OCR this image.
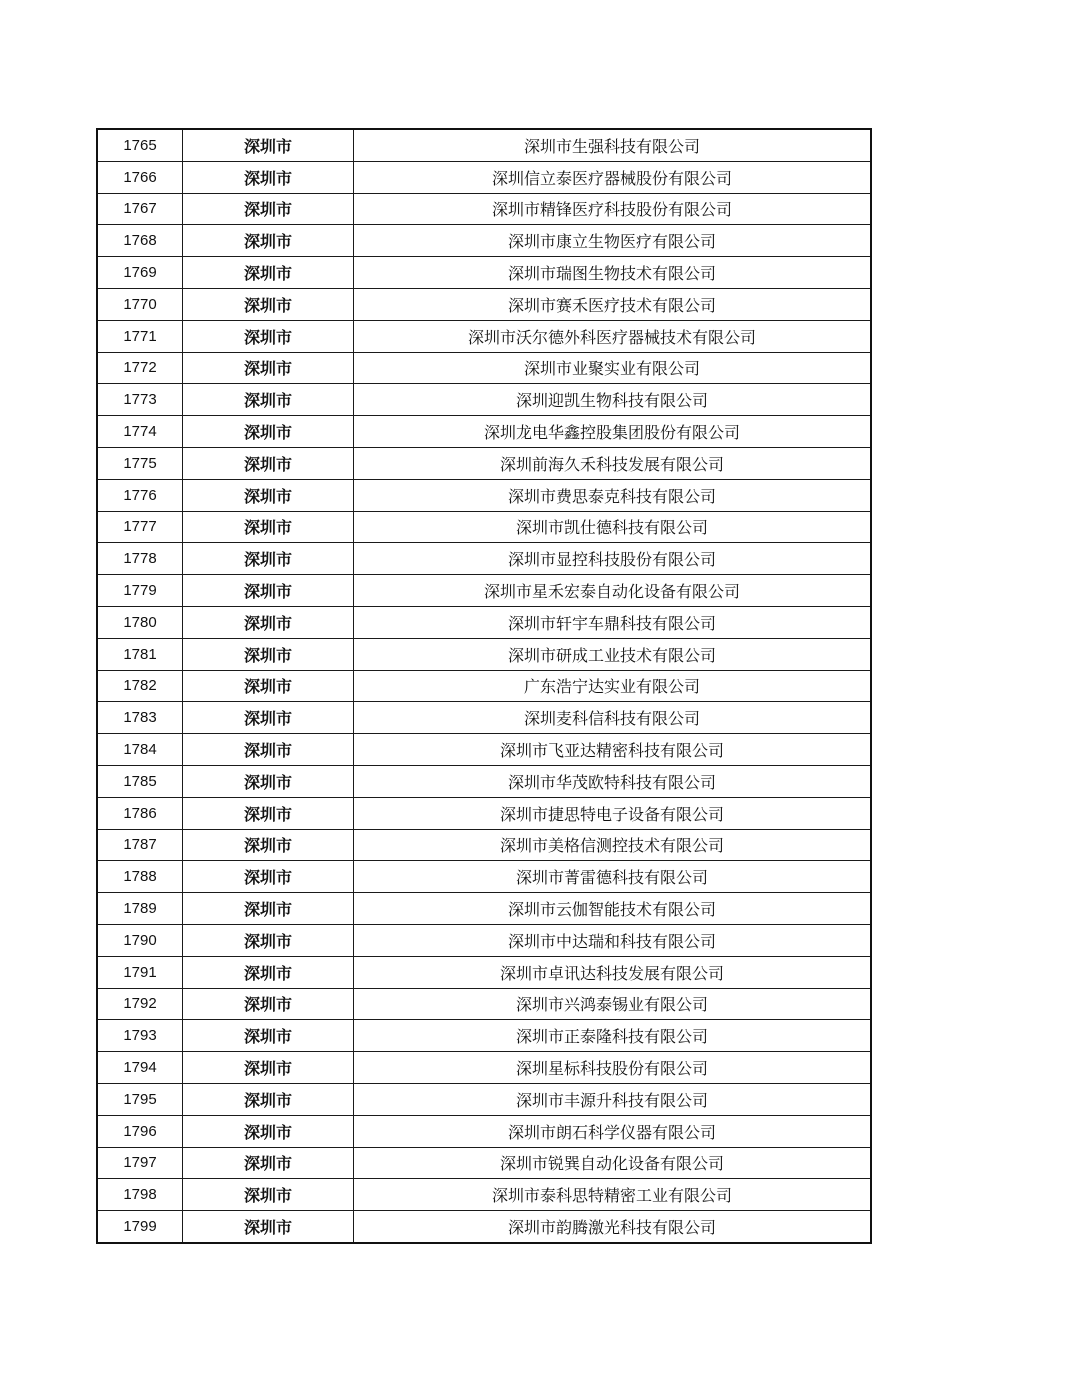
1765	深圳市	深圳市生强科技有限公司
1766	深圳市	深圳信立泰医疗器械股份有限公司
1767	深圳市	深圳市精锋医疗科技股份有限公司
1768	深圳市	深圳市康立生物医疗有限公司
1769	深圳市	深圳市瑞图生物技术有限公司
1770	深圳市	深圳市赛禾医疗技术有限公司
1771	深圳市	深圳市沃尔德外科医疗器械技术有限公司
1772	深圳市	深圳市业聚实业有限公司
1773	深圳市	深圳迎凯生物科技有限公司
1774	深圳市	深圳龙电华鑫控股集团股份有限公司
1775	深圳市	深圳前海久禾科技发展有限公司
1776	深圳市	深圳市费思泰克科技有限公司
1777	深圳市	深圳市凯仕德科技有限公司
1778	深圳市	深圳市显控科技股份有限公司
1779	深圳市	深圳市星禾宏泰自动化设备有限公司
1780	深圳市	深圳市轩宇车鼎科技有限公司
1781	深圳市	深圳市研成工业技术有限公司
1782	深圳市	广东浩宁达实业有限公司
1783	深圳市	深圳麦科信科技有限公司
1784	深圳市	深圳市飞亚达精密科技有限公司
1785	深圳市	深圳市华茂欧特科技有限公司
1786	深圳市	深圳市捷思特电子设备有限公司
1787	深圳市	深圳市美格信测控技术有限公司
1788	深圳市	深圳市菁雷德科技有限公司
1789	深圳市	深圳市云伽智能技术有限公司
1790	深圳市	深圳市中达瑞和科技有限公司
1791	深圳市	深圳市卓讯达科技发展有限公司
1792	深圳市	深圳市兴鸿泰锡业有限公司
1793	深圳市	深圳市正泰隆科技有限公司
1794	深圳市	深圳星标科技股份有限公司
1795	深圳市	深圳市丰源升科技有限公司
1796	深圳市	深圳市朗石科学仪器有限公司
1797	深圳市	深圳市锐巽自动化设备有限公司
1798	深圳市	深圳市泰科思特精密工业有限公司
1799	深圳市	深圳市韵腾激光科技有限公司
